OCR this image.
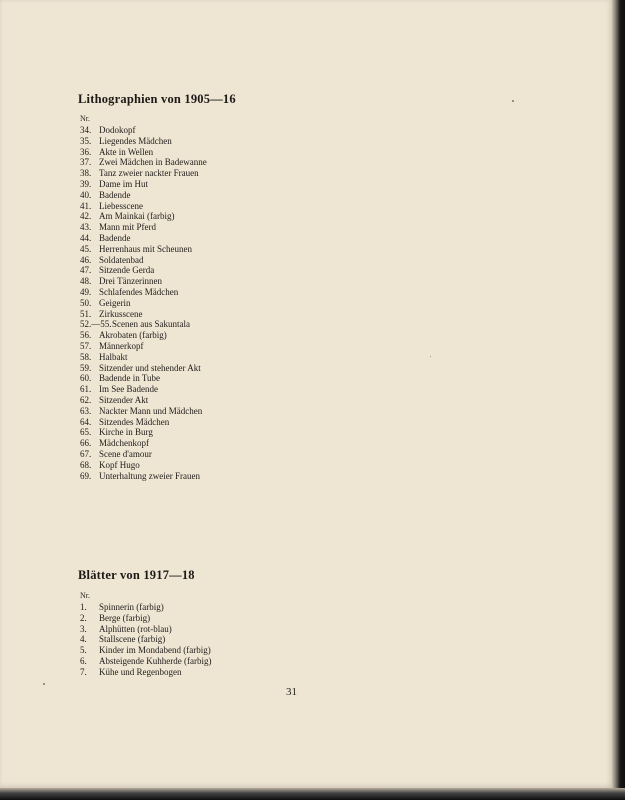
Lithographien von 1905—16
Nr.
34. Dodokopf
35. Liegendes Mädchen
36. Akte in Wellen
37. Zwei Mädchen in Badewanne
38. Tanz zweier nackter Frauen
39. Dame im Hut
40. Badende
41. Liebesscene
42. Am Mainkai (farbig)
43. Mann mit Pferd
44. Badende
45. Herrenhaus mit Scheunen
46. Soldatenbad
47. Sitzende Gerda
48. Drei Tänzerinnen
49. Schlafendes Mädchen
50. Geigerin
51. Zirkusscene
52.—55. Scenen aus Sakuntala
56. Akrobaten (farbig)
57. Männerkopf
58. Halbakt
59. Sitzender und stehender Akt
60. Badende in Tube
61. Im See Badende
62. Sitzender Akt
63. Nackter Mann und Mädchen
64. Sitzendes Mädchen
65. Kirche in Burg
66. Mädchenkopf
67. Scene d'amour
68. Kopf Hugo
69. Unterhaltung zweier Frauen
Blätter von 1917—18
Nr.
1.	Spinnerin (farbig)
2.	Berge (farbig)
3.	Alphütten (rot-blau)
4.	Stallscene (farbig)
5.	Kinder im Mondabend (farbig)
6.	Absteigende Kuhherde (farbig)
7.	Kühe und Regenbogen
31
